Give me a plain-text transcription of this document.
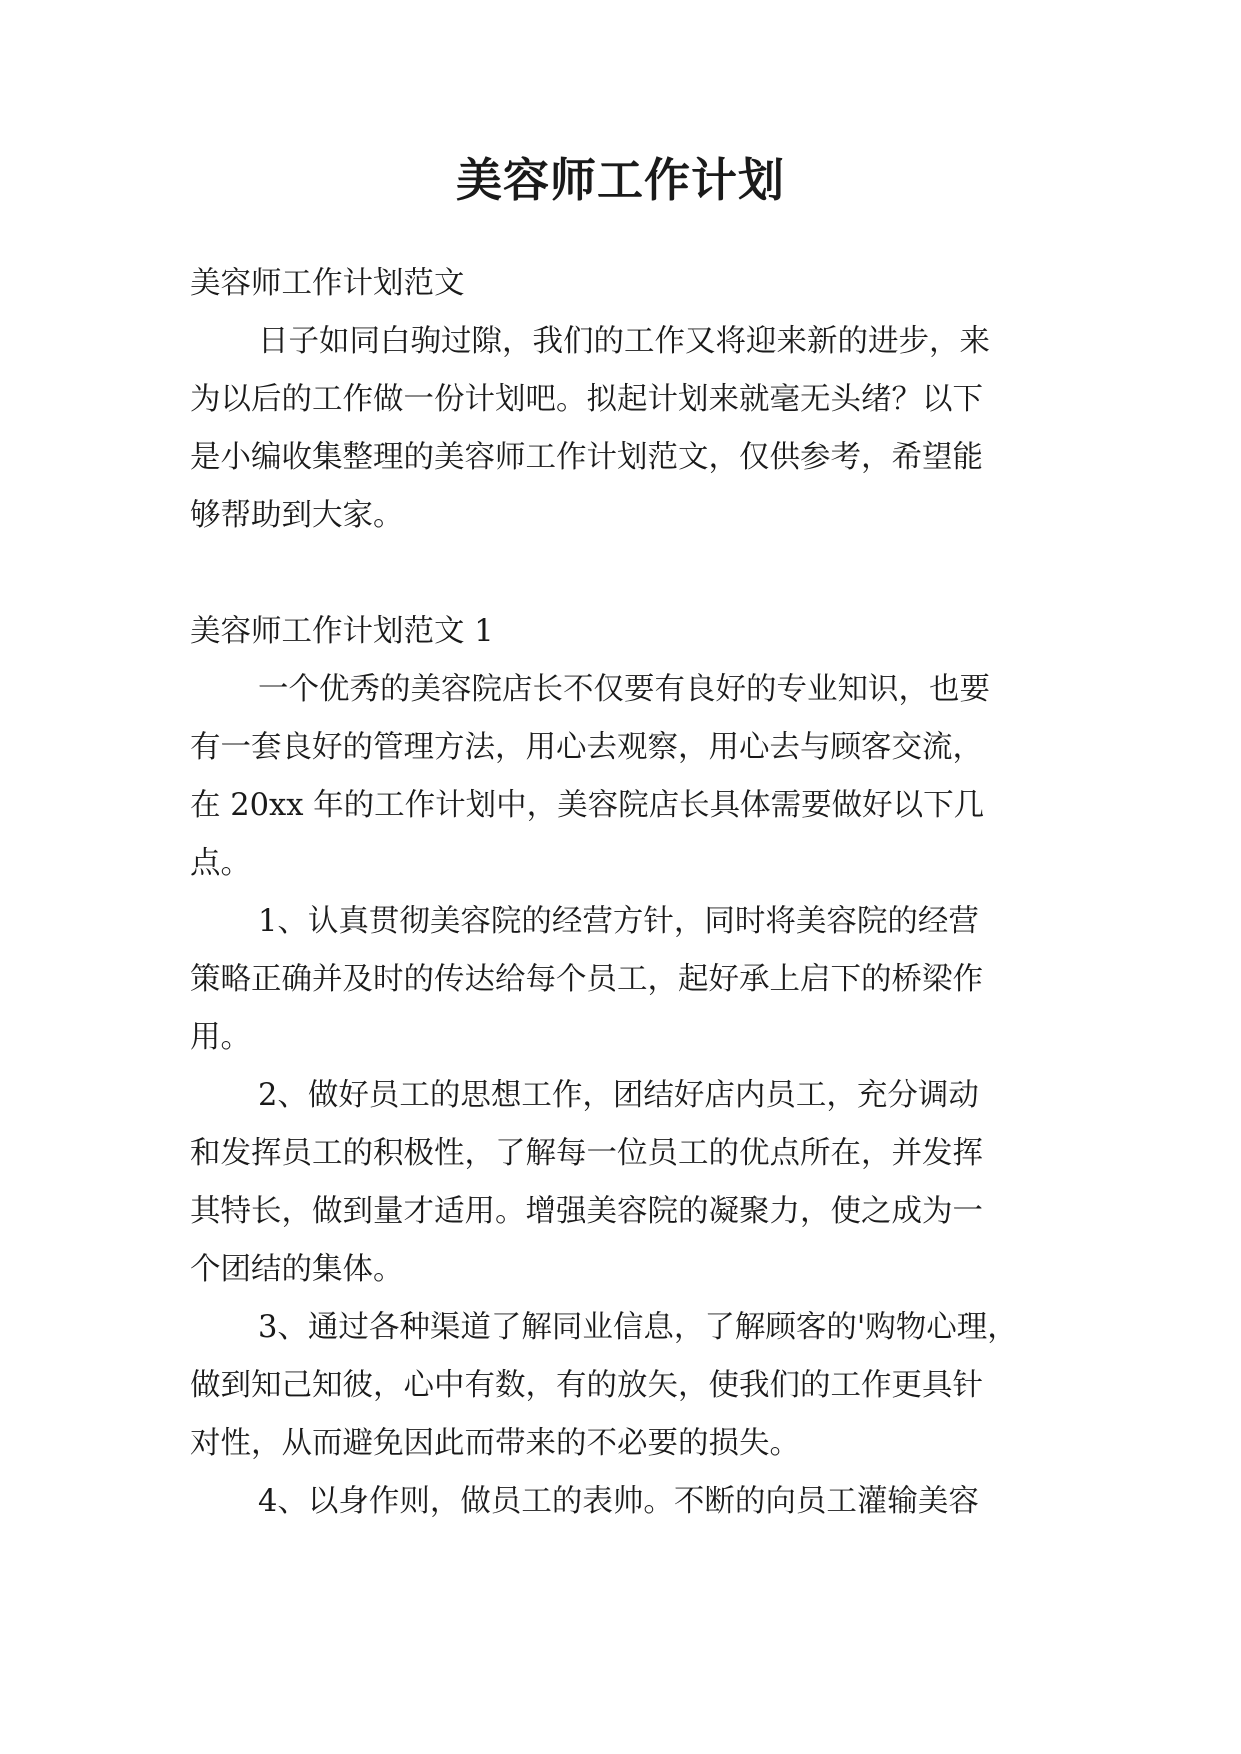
美容师工作计划

美容师工作计划范文

日子如同白驹过隙，我们的工作又将迎来新的进步，来

为以后的工作做一份计划吧。拟起计划来就毫无头绪？以下

是小编收集整理的美容师工作计划范文，仅供参考，希望能

够帮助到大家。

美容师工作计划范文 1

一个优秀的美容院店长不仅要有良好的专业知识，也要

有一套良好的管理方法，用心去观察，用心去与顾客交流，

在 20xx 年的工作计划中，美容院店长具体需要做好以下几

点。

1、认真贯彻美容院的经营方针，同时将美容院的经营

策略正确并及时的传达给每个员工，起好承上启下的桥梁作

用。

2、做好员工的思想工作，团结好店内员工，充分调动

和发挥员工的积极性，了解每一位员工的优点所在，并发挥

其特长，做到量才适用。增强美容院的凝聚力，使之成为一

个团结的集体。

3、通过各种渠道了解同业信息，了解顾客的'购物心理，

做到知己知彼，心中有数，有的放矢，使我们的工作更具针

对性，从而避免因此而带来的不必要的损失。

4、以身作则，做员工的表帅。不断的向员工灌输美容
